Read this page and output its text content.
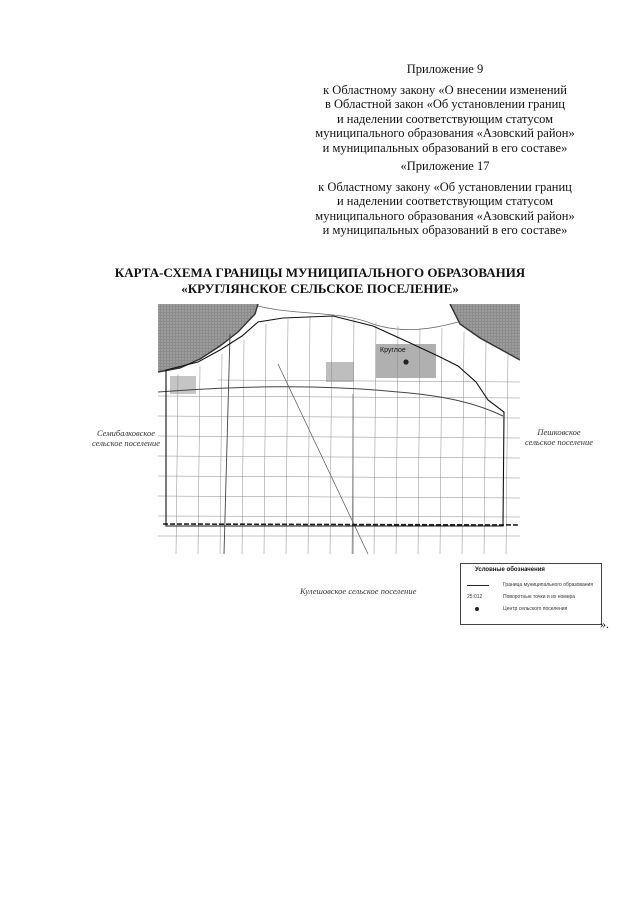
Приложение 9
к Областному закону «О внесении изменений
в Областной закон «Об установлении границ
и наделении соответствующим статусом
муниципального образования «Азовский район»
и муниципальных образований в его составе»
«Приложение 17
к Областному закону «Об установлении границ
и наделении соответствующим статусом
муниципального образования «Азовский район»
и муниципальных образований в его составе»
КАРТА-СХЕМА ГРАНИЦЫ МУНИЦИПАЛЬНОГО ОБРАЗОВАНИЯ
«КРУГЛЯНСКОЕ СЕЛЬСКОЕ ПОСЕЛЕНИЕ»
Семибалковское
сельское поселение
Пешковское
сельское поселение
Кулешовское сельское поселение
Круглое
Условные обозначения
Граница муниципального образования
25:012	Поворотные точки и их номера
Центр сельского поселения
».
